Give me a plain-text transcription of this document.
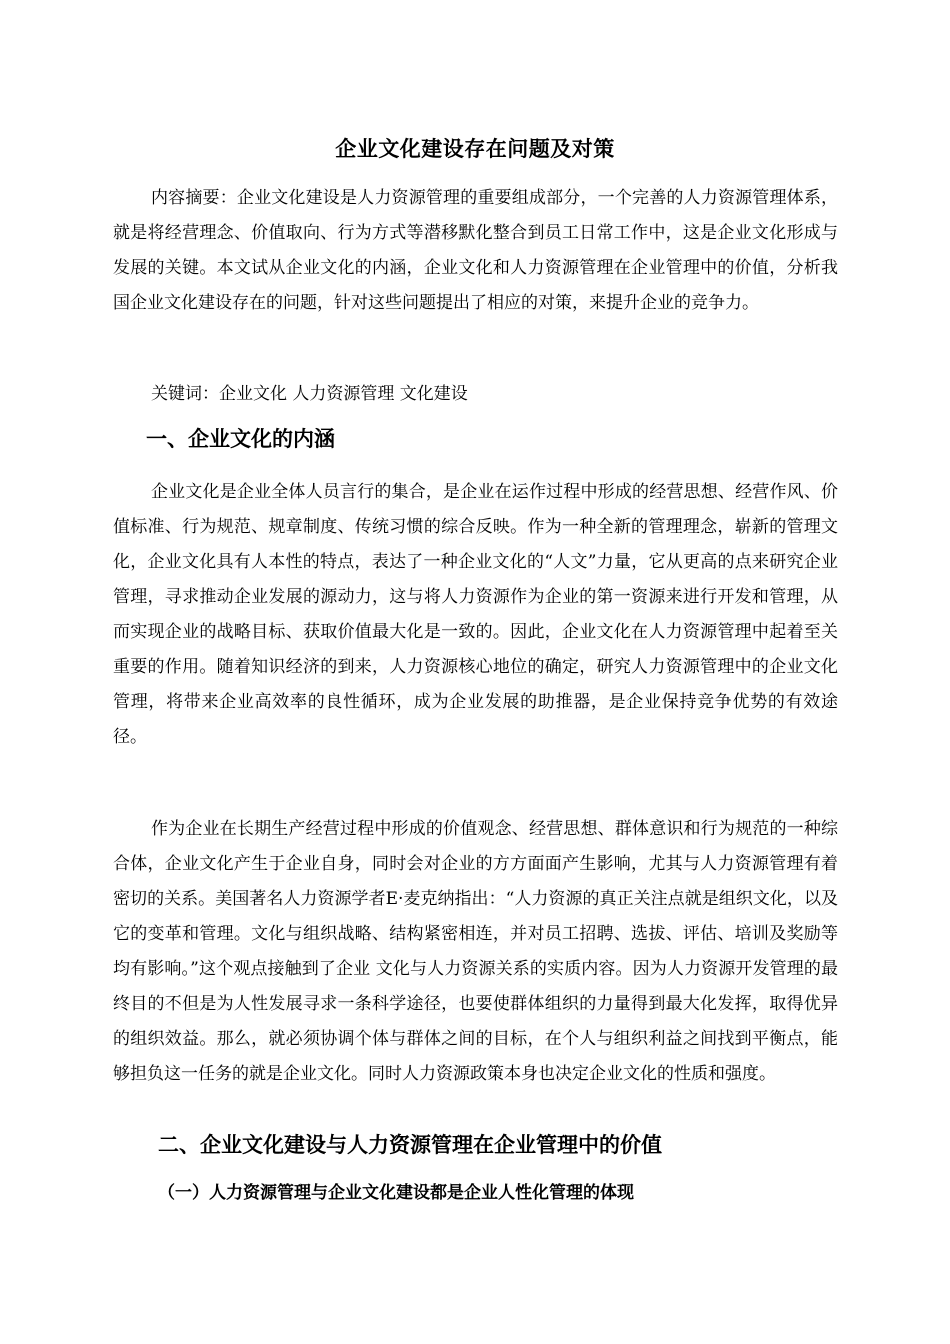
企业文化建设存在问题及对策

内容摘要：企业文化建设是人力资源管理的重要组成部分，一个完善的人力资源管理体系，就是将经营理念、价值取向、行为方式等潜移默化整合到员工日常工作中，这是企业文化形成与发展的关键。本文试从企业文化的内涵，企业文化和人力资源管理在企业管理中的价值，分析我国企业文化建设存在的问题，针对这些问题提出了相应的对策，来提升企业的竞争力。

关键词：企业文化 人力资源管理 文化建设

一、企业文化的内涵

企业文化是企业全体人员言行的集合，是企业在运作过程中形成的经营思想、经营作风、价值标准、行为规范、规章制度、传统习惯的综合反映。作为一种全新的管理理念，崭新的管理文化，企业文化具有人本性的特点，表达了一种企业文化的“人文”力量，它从更高的点来研究企业管理，寻求推动企业发展的源动力，这与将人力资源作为企业的第一资源来进行开发和管理，从而实现企业的战略目标、获取价值最大化是一致的。因此，企业文化在人力资源管理中起着至关重要的作用。随着知识经济的到来，人力资源核心地位的确定，研究人力资源管理中的企业文化管理，将带来企业高效率的良性循环，成为企业发展的助推器，是企业保持竞争优势的有效途径。

作为企业在长期生产经营过程中形成的价值观念、经营思想、群体意识和行为规范的一种综合体，企业文化产生于企业自身，同时会对企业的方方面面产生影响，尤其与人力资源管理有着密切的关系。美国著名人力资源学者E·麦克纳指出：“人力资源的真正关注点就是组织文化，以及它的变革和管理。文化与组织战略、结构紧密相连，并对员工招聘、选拔、评估、培训及奖励等均有影响。”这个观点接触到了企业 文化与人力资源关系的实质内容。因为人力资源开发管理的最终目的不但是为人性发展寻求一条科学途径，也要使群体组织的力量得到最大化发挥，取得优异的组织效益。那么，就必须协调个体与群体之间的目标，在个人与组织利益之间找到平衡点，能够担负这一任务的就是企业文化。同时人力资源政策本身也决定企业文化的性质和强度。

二、企业文化建设与人力资源管理在企业管理中的价值
（一）人力资源管理与企业文化建设都是企业人性化管理的体现
